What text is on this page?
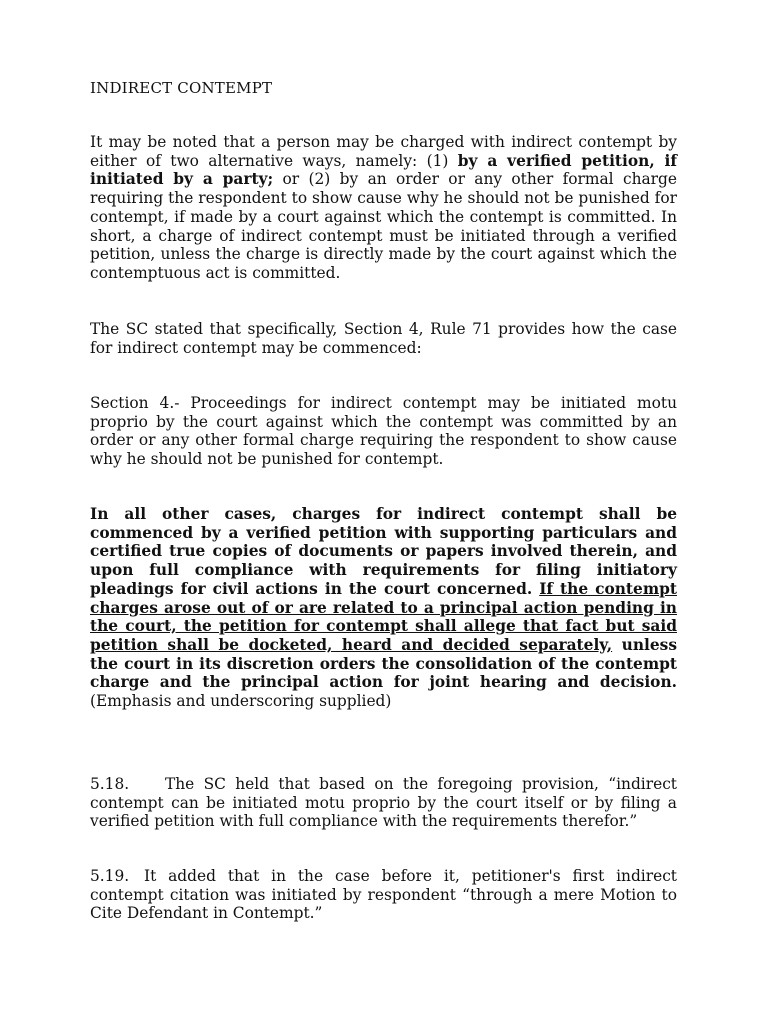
INDIRECT CONTEMPT

It may be noted that a person may be charged with indirect contempt by either of two alternative ways, namely: (1) by a verified petition, if initiated by a party; or (2) by an order or any other formal charge requiring the respondent to show cause why he should not be punished for contempt, if made by a court against which the contempt is committed. In short, a charge of indirect contempt must be initiated through a verified petition, unless the charge is directly made by the court against which the contemptuous act is committed.

The SC stated that specifically, Section 4, Rule 71 provides how the case for indirect contempt may be commenced:

Section 4.- Proceedings for indirect contempt may be initiated motu proprio by the court against which the contempt was committed by an order or any other formal charge requiring the respondent to show cause why he should not be punished for contempt.

In all other cases, charges for indirect contempt shall be commenced by a verified petition with supporting particulars and certified true copies of documents or papers involved therein, and upon full compliance with requirements for filing initiatory pleadings for civil actions in the court concerned. If the contempt charges arose out of or are related to a principal action pending in the court, the petition for contempt shall allege that fact but said petition shall be docketed, heard and decided separately, unless the court in its discretion orders the consolidation of the contempt charge and the principal action for joint hearing and decision. (Emphasis and underscoring supplied)

5.18. The SC held that based on the foregoing provision, “indirect contempt can be initiated motu proprio by the court itself or by filing a verified petition with full compliance with the requirements therefor.”

5.19. It added that in the case before it, petitioner's first indirect contempt citation was initiated by respondent “through a mere Motion to Cite Defendant in Contempt.”
